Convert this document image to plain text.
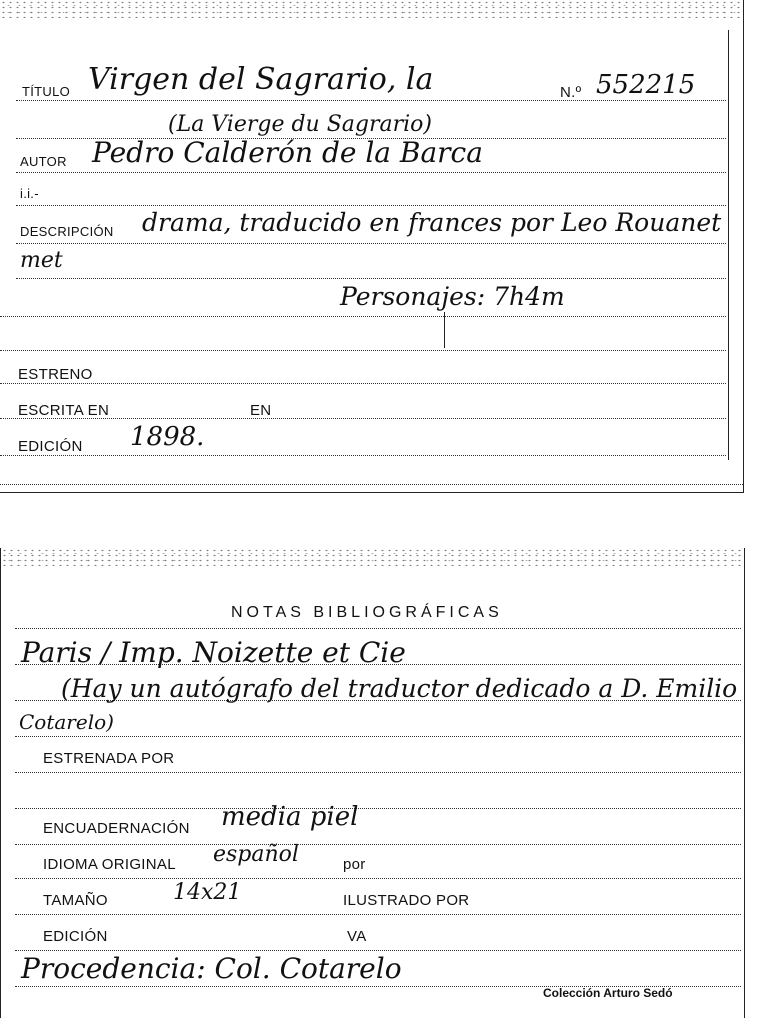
TÍTULO Virgen del Sagrario, la	N.º 552215
(La Vierge du Sagrario)
AUTOR Pedro Calderón de la Barca
i.i.-
DESCRIPCIÓN drama, traducido en frances por Leo Rouanet
met
Personajes: 7h4m
ESTRENO
ESCRITA EN	EN
EDICIÓN 1898.
NOTAS BIBLIOGRÁFICAS
Paris / Imp. Noizette et Cie
(Hay un autógrafo del traductor dedicado a D. Emilio
Cotarelo)
ESTRENADA POR
ENCUADERNACIÓN media piel
IDIOMA ORIGINAL español	por
TAMAÑO	14x21	ILUSTRADO POR
EDICIÓN	VA
Procedencia: Col. Cotarelo
Colección Arturo Sedó
